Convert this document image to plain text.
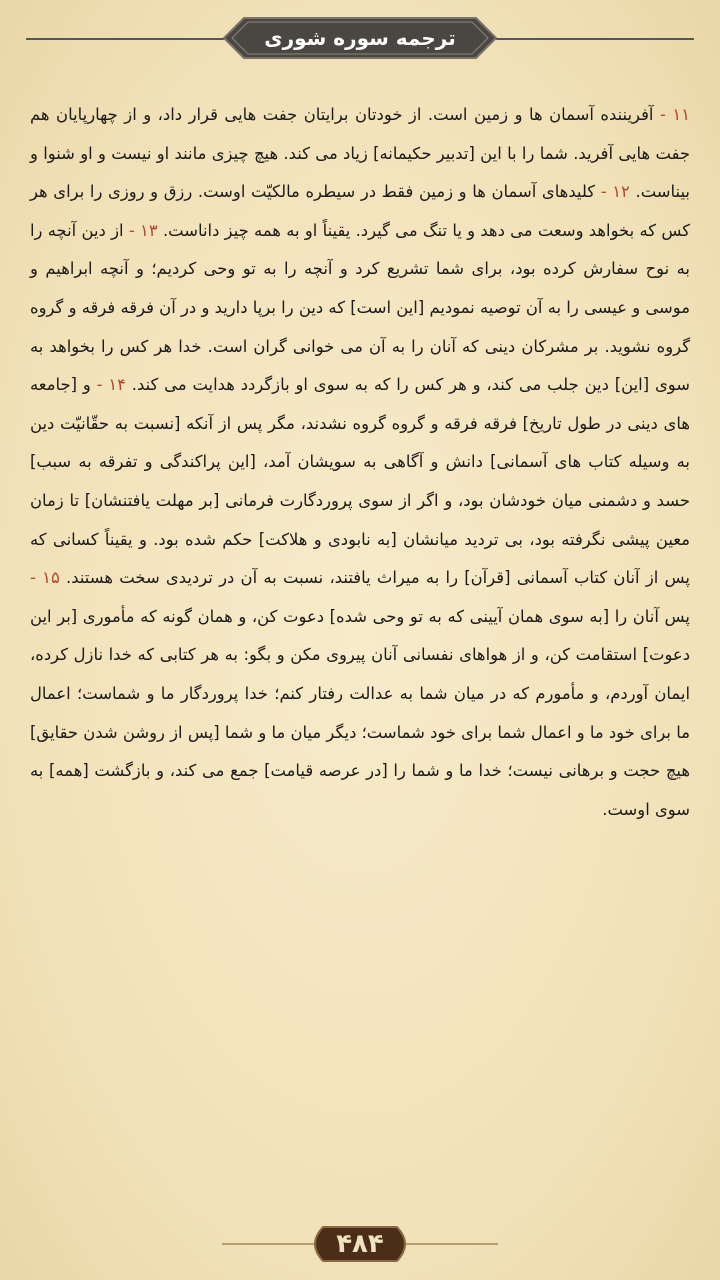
ترجمه سوره شوری
۱۱ - آفریننده آسمان ها و زمین است. از خودتان برایتان جفت هایی قرار داد، و از چهارپایان هم جفت هایی آفرید. شما را با این [تدبیر حکیمانه] زیاد می کند. هیچ چیزی مانند او نیست و او شنوا و بیناست. ۱۲ - کلیدهای آسمان ها و زمین فقط در سیطره مالکیّت اوست. رزق و روزی را برای هر کس که بخواهد وسعت می دهد و یا تنگ می گیرد. یقیناً او به همه چیز داناست. ۱۳ - از دین آنچه را به نوح سفارش کرده بود، برای شما تشریع کرد و آنچه را به تو وحی کردیم؛ و آنچه ابراهیم و موسی و عیسی را به آن توصیه نمودیم [این است] که دین را برپا دارید و در آن فرقه فرقه و گروه گروه نشوید. بر مشرکان دینی که آنان را به آن می خوانی گران است. خدا هر کس را بخواهد به سوی [این] دین جلب می کند، و هر کس را که به سوی او بازگردد هدایت می کند. ۱۴ - و [جامعه های دینی در طول تاریخ] فرقه فرقه و گروه گروه نشدند، مگر پس از آنکه [نسبت به حقّانیّت دین به وسیله کتاب های آسمانی] دانش و آگاهی به سویشان آمد، [این پراکندگی و تفرقه به سبب] حسد و دشمنی میان خودشان بود، و اگر از سوی پروردگارت فرمانی [بر مهلت یافتنشان] تا زمان معین پیشی نگرفته بود، بی تردید میانشان [به نابودی و هلاکت] حکم شده بود. و یقیناً کسانی که پس از آنان کتاب آسمانی [قرآن] را به میراث یافتند، نسبت به آن در تردیدی سخت هستند. ۱۵ - پس آنان را [به سوی همان آیینی که به تو وحی شده] دعوت کن، و همان گونه که مأموری [بر این دعوت] استقامت کن، و از هواهای نفسانی آنان پیروی مکن و بگو: به هر کتابی که خدا نازل کرده، ایمان آوردم، و مأمورم که در میان شما به عدالت رفتار کنم؛ خدا پروردگار ما و شماست؛ اعمال ما برای خود ما و اعمال شما برای خود شماست؛ دیگر میان ما و شما [پس از روشن شدن حقایق] هیچ حجت و برهانی نیست؛ خدا ما و شما را [در عرصه قیامت] جمع می کند، و بازگشت [همه] به سوی اوست.
۴۸۴
